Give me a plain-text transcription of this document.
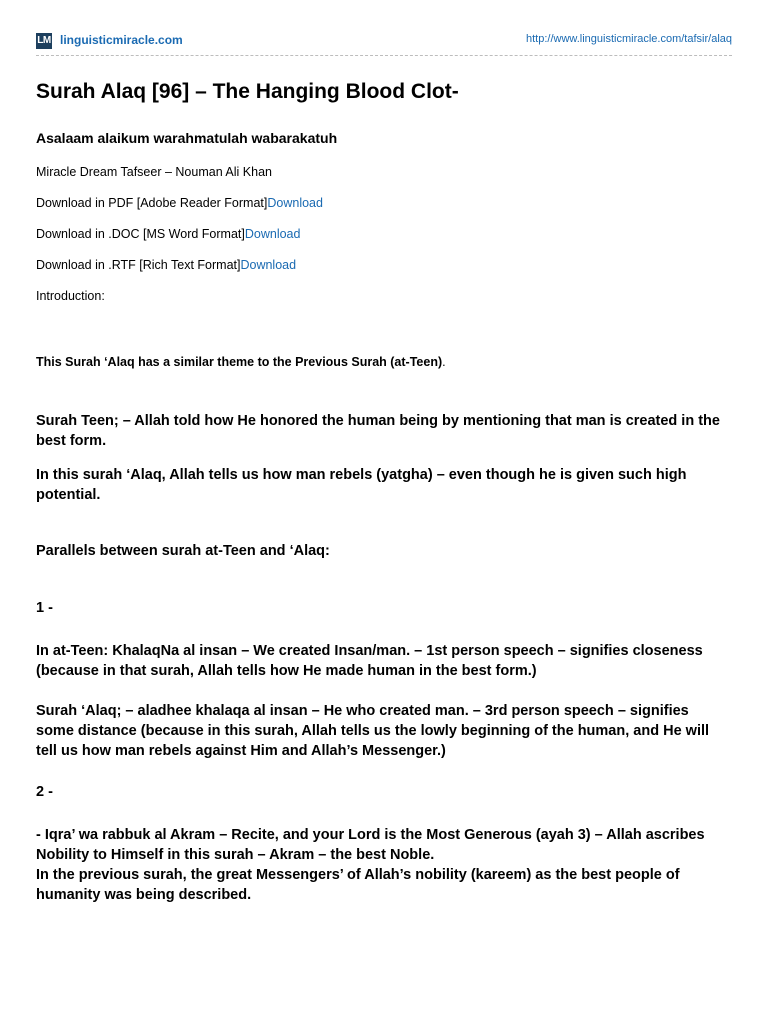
LM linguisticmiracle.com	http://www.linguisticmiracle.com/tafsir/alaq
Surah Alaq [96] – The Hanging Blood Clot-

Asalaam alaikum warahmatulah wabarakatuh

Miracle Dream Tafseer – Nouman Ali Khan

Download in PDF [Adobe Reader Format]Download

Download in .DOC [MS Word Format]Download

Download in .RTF [Rich Text Format]Download

Introduction:

This Surah ‘Alaq has a similar theme to the Previous Surah (at-Teen).

Surah Teen; – Allah told how He honored the human being by mentioning that man is created in the best form.

In this surah ‘Alaq, Allah tells us how man rebels (yatgha) – even though he is given such high potential.

Parallels between surah at-Teen and ‘Alaq:

1 -

In at-Teen: KhalaqNa al insan – We created Insan/man. – 1st person speech – signifies closeness (because in that surah, Allah tells how He made human in the best form.)

Surah ‘Alaq; – aladhee khalaqa al insan – He who created man. – 3rd person speech – signifies some distance (because in this surah, Allah tells us the lowly beginning of the human, and He will tell us how man rebels against Him and Allah’s Messenger.)

2 -

- Iqra’ wa rabbuk al Akram – Recite, and your Lord is the Most Generous (ayah 3) – Allah ascribes Nobility to Himself in this surah – Akram – the best Noble.
In the previous surah, the great Messengers’ of Allah’s nobility (kareem) as the best people of humanity was being described.
